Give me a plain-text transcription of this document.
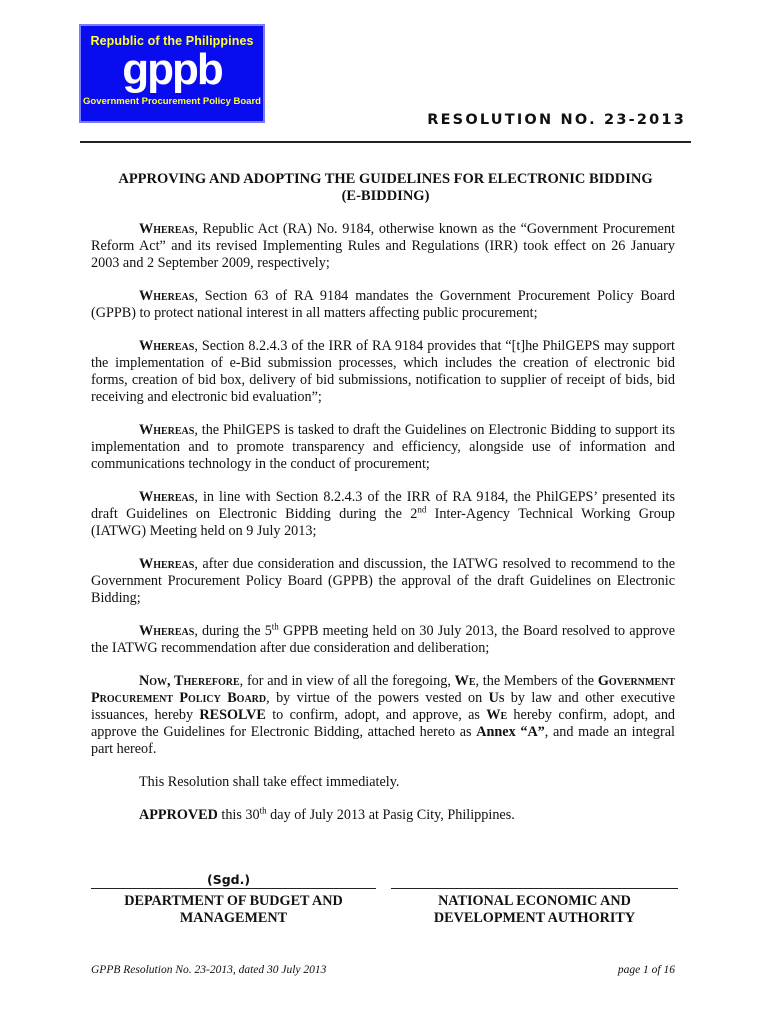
Republic of the Philippines
gppb
Government Procurement Policy Board
RESOLUTION NO. 23-2013
APPROVING AND ADOPTING THE GUIDELINES FOR ELECTRONIC BIDDING
(E-BIDDING)

Whereas, Republic Act (RA) No. 9184, otherwise known as the “Government Procurement Reform Act” and its revised Implementing Rules and Regulations (IRR) took effect on 26 January 2003 and 2 September 2009, respectively;

Whereas, Section 63 of RA 9184 mandates the Government Procurement Policy Board (GPPB) to protect national interest in all matters affecting public procurement;

Whereas, Section 8.2.4.3 of the IRR of RA 9184 provides that “[t]he PhilGEPS may support the implementation of e-Bid submission processes, which includes the creation of electronic bid forms, creation of bid box, delivery of bid submissions, notification to supplier of receipt of bids, bid receiving and electronic bid evaluation”;

Whereas, the PhilGEPS is tasked to draft the Guidelines on Electronic Bidding to support its implementation and to promote transparency and efficiency, alongside use of information and communications technology in the conduct of procurement;

Whereas, in line with Section 8.2.4.3 of the IRR of RA 9184, the PhilGEPS’ presented its draft Guidelines on Electronic Bidding during the 2nd Inter-Agency Technical Working Group (IATWG) Meeting held on 9 July 2013;

Whereas, after due consideration and discussion, the IATWG resolved to recommend to the Government Procurement Policy Board (GPPB) the approval of the draft Guidelines on Electronic Bidding;

Whereas, during the 5th GPPB meeting held on 30 July 2013, the Board resolved to approve the IATWG recommendation after due consideration and deliberation;

Now, Therefore, for and in view of all the foregoing, We, the Members of the Government Procurement Policy Board, by virtue of the powers vested on Us by law and other executive issuances, hereby RESOLVE to confirm, adopt, and approve, as We hereby confirm, adopt, and approve the Guidelines for Electronic Bidding, attached hereto as Annex “A”, and made an integral part hereof.

This Resolution shall take effect immediately.

APPROVED this 30th day of July 2013 at Pasig City, Philippines.

(Sgd.)
DEPARTMENT OF BUDGET AND
MANAGEMENT
NATIONAL ECONOMIC AND
DEVELOPMENT AUTHORITY
GPPB Resolution No. 23-2013, dated 30 July 2013	page 1 of 16
